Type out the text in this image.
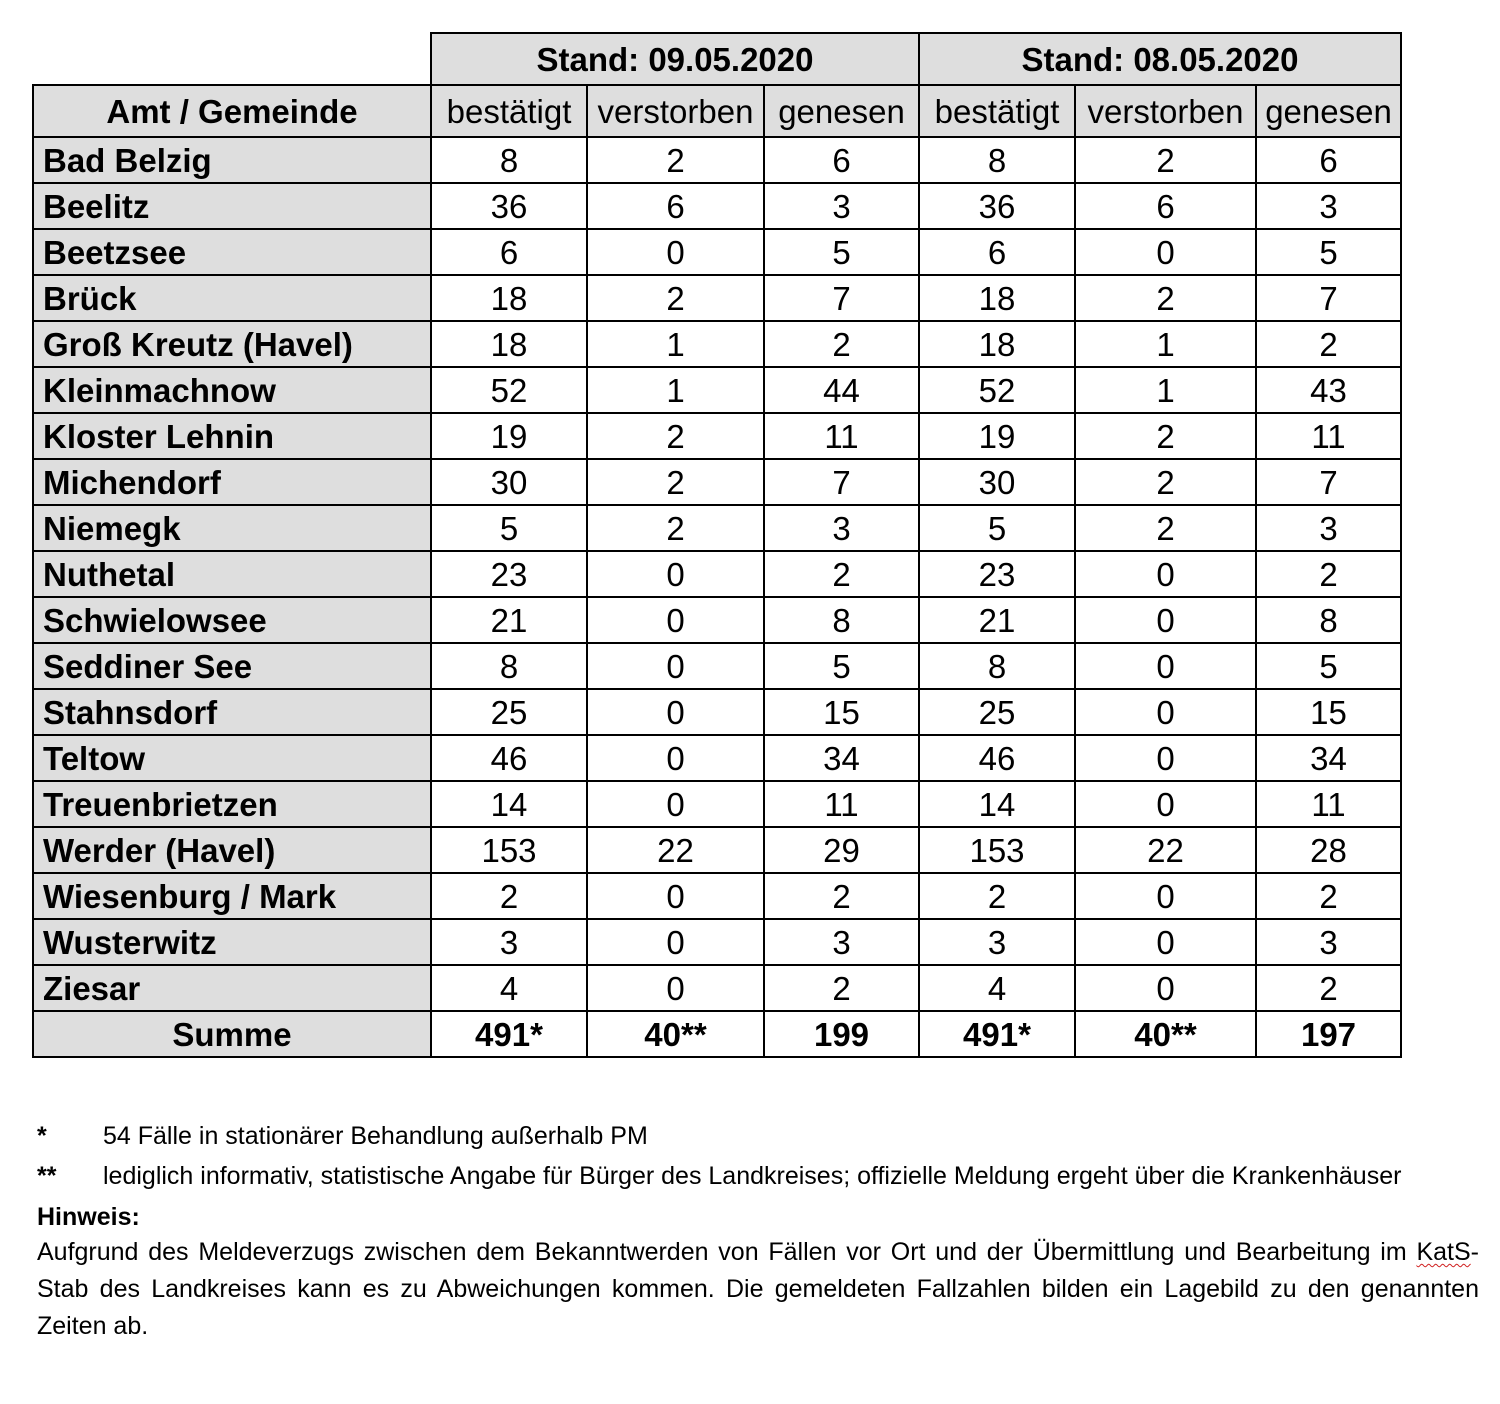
	Stand: 09.05.2020			Stand: 08.05.2020		
Amt / Gemeinde	bestätigt	verstorben	genesen	bestätigt	verstorben	genesen
Bad Belzig	8	2	6	8	2	6
Beelitz	36	6	3	36	6	3
Beetzsee	6	0	5	6	0	5
Brück	18	2	7	18	2	7
Groß Kreutz (Havel)	18	1	2	18	1	2
Kleinmachnow	52	1	44	52	1	43
Kloster Lehnin	19	2	11	19	2	11
Michendorf	30	2	7	30	2	7
Niemegk	5	2	3	5	2	3
Nuthetal	23	0	2	23	0	2
Schwielowsee	21	0	8	21	0	8
Seddiner See	8	0	5	8	0	5
Stahnsdorf	25	0	15	25	0	15
Teltow	46	0	34	46	0	34
Treuenbrietzen	14	0	11	14	0	11
Werder (Havel)	153	22	29	153	22	28
Wiesenburg / Mark	2	0	2	2	0	2
Wusterwitz	3	0	3	3	0	3
Ziesar	4	0	2	4	0	2
Summe	491*	40**	199	491*	40**	197
*	54 Fälle in stationärer Behandlung außerhalb PM
**	lediglich informativ, statistische Angabe für Bürger des Landkreises; offizielle Meldung ergeht über die Krankenhäuser
Hinweis:
Aufgrund des Meldeverzugs zwischen dem Bekanntwerden von Fällen vor Ort und der Übermittlung und Bearbeitung im KatS-Stab des Landkreises kann es zu Abweichungen kommen. Die gemeldeten Fallzahlen bilden ein Lagebild zu den genannten Zeiten ab.
